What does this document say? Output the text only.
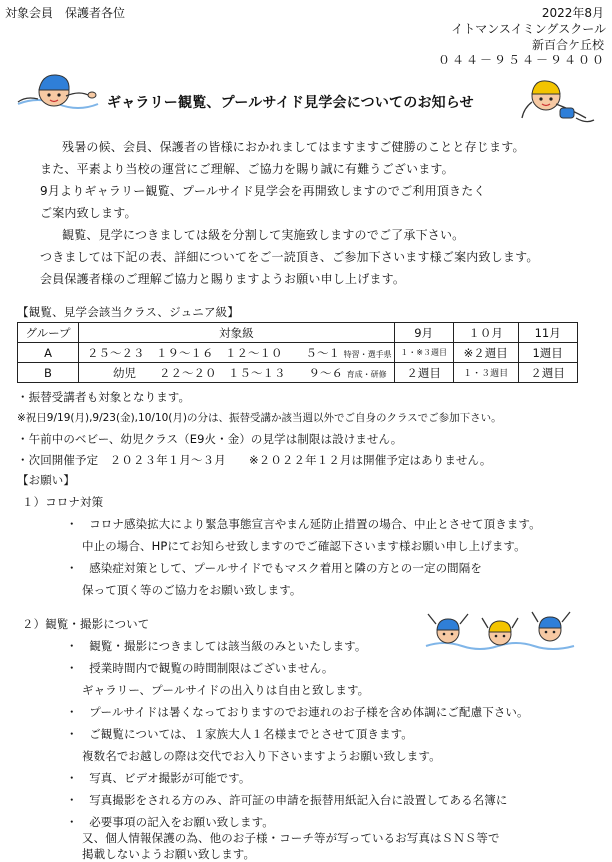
対象会員　保護者各位	2022年8月
イトマンスイミングスクール
新百合ケ丘校
０４４－９５４－９４００
ギャラリー観覧、プールサイド見学会についてのお知らせ
残暑の候、会員、保護者の皆様におかれましてはますますご健勝のことと存じます。
また、平素より当校の運営にご理解、ご協力を賜り誠に有難うございます。
9月よりギャラリー観覧、プールサイド見学会を再開致しますのでご利用頂きたく
ご案内致します。
観覧、見学につきましては級を分割して実施致しますのでご了承下さい。
つきましては下記の表、詳細についてをご一読頂き、ご参加下さいます様ご案内致します。
会員保護者様のご理解ご協力と賜りますようお願い申し上げます。
【観覧、見学会該当クラス、ジュニア級】
グループ	対象級	9月	１０月	11月
A	２５～２３　１９～１６　１２～１０　　５～１ 特習・選手県	１・※３週目	※２週目	1週目
B	幼児　　２２～２０　１５～１３　　９～６ 育成・研修	２週目	１・３週目	２週目
・振替受講者も対象となります。
※祝日9/19(月),9/23(金),10/10(月)の分は、振替受講か該当週以外でご自身のクラスでご参加下さい。
・午前中のベビー、幼児クラス（E9火・金）の見学は制限は設けません。
・次回開催予定　２０２３年１月～３月　　※２０２２年１２月は開催予定はありません。
【お願い】
１）コロナ対策
・　コロナ感染拡大により緊急事態宣言やまん延防止措置の場合、中止とさせて頂きます。
中止の場合、HPにてお知らせ致しますのでご確認下さいます様お願い申し上げます。
・　感染症対策として、プールサイドでもマスク着用と隣の方との一定の間隔を
保って頂く等のご協力をお願い致します。
２）観覧・撮影について
・　観覧・撮影につきましては該当級のみといたします。
・　授業時間内で観覧の時間制限はございません。
ギャラリー、プールサイドの出入りは自由と致します。
・　プールサイドは暑くなっておりますのでお連れのお子様を含め体調にご配慮下さい。
・　ご観覧については、１家族大人１名様までとさせて頂きます。
複数名でお越しの際は交代でお入り下さいますようお願い致します。
・　写真、ビデオ撮影が可能です。
・　写真撮影をされる方のみ、許可証の申請を振替用紙記入台に設置してある名簿に
・　必要事項の記入をお願い致します。
又、個人情報保護の為、他のお子様・コーチ等が写っているお写真はＳＮＳ等で
掲載しないようお願い致します。
